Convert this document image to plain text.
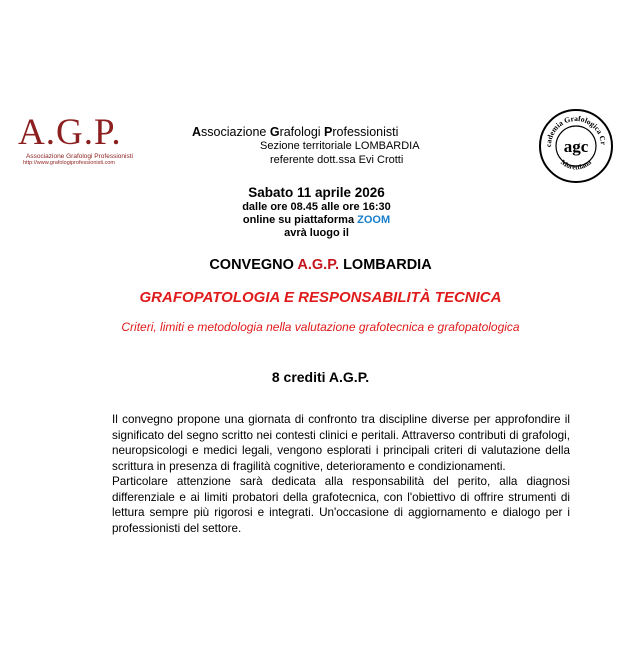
A.G.P.
Associazione Grafologi Professionisti
http://www.grafologiprofessionisti.com
Associazione Grafologi Professionisti
Sezione territoriale LOMBARDIA
referente dott.ssa Evi Crotti
cademia Grafologica Cr
Morettiana
agc
Sabato 11 aprile 2026
dalle ore 08.45 alle ore 16:30
online su piattaforma ZOOM
avrà luogo il
CONVEGNO A.G.P. LOMBARDIA
GRAFOPATOLOGIA E RESPONSABILITÀ TECNICA
Criteri, limiti e metodologia nella valutazione grafotecnica e grafopatologica
8 crediti A.G.P.

Il convegno propone una giornata di confronto tra discipline diverse per approfondire il significato del segno scritto nei contesti clinici e peritali. Attraverso contributi di grafologi, neuropsicologi e medici legali, vengono esplorati i principali criteri di valutazione della scrittura in presenza di fragilità cognitive, deterioramento e condizionamenti.

Particolare attenzione sarà dedicata alla responsabilità del perito, alla diagnosi differenziale e ai limiti probatori della grafotecnica, con l'obiettivo di offrire strumenti di lettura sempre più rigorosi e integrati. Un'occasione di aggiornamento e dialogo per i professionisti del settore.
